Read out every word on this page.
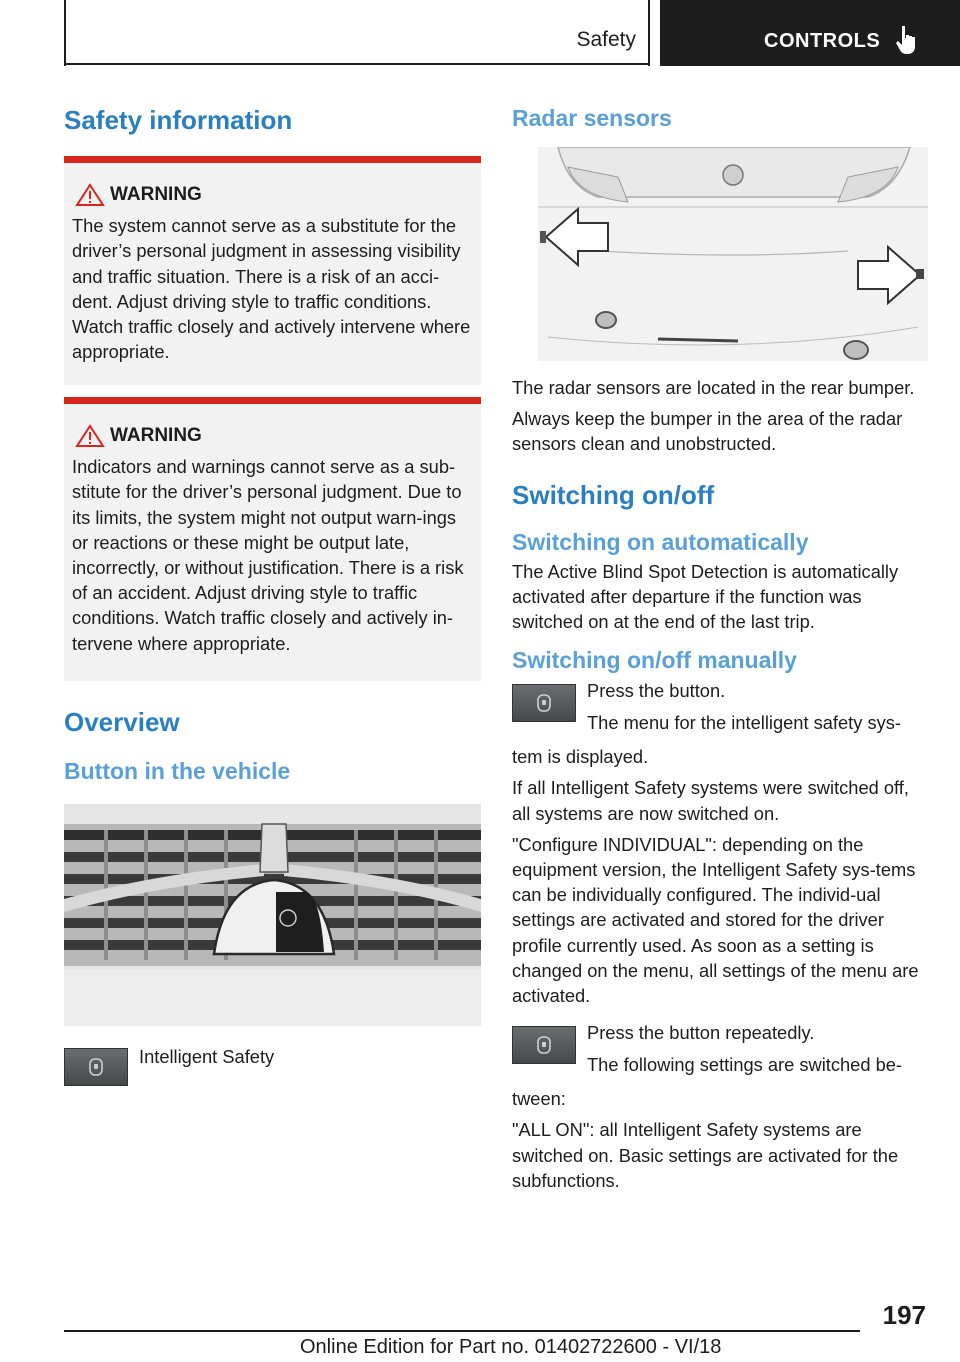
Safety	CONTROLS
Safety information
WARNING

The system cannot serve as a substitute for the driver’s personal judgment in assessing visibility and traffic situation. There is a risk of an acci‐dent. Adjust driving style to traffic conditions. Watch traffic closely and actively intervene where appropriate.

WARNING

Indicators and warnings cannot serve as a sub‐stitute for the driver’s personal judgment. Due to its limits, the system might not output warn‐ings or reactions or these might be output late, incorrectly, or without justification. There is a risk of an accident. Adjust driving style to traffic conditions. Watch traffic closely and actively in‐tervene where appropriate.

Overview
Button in the vehicle

Intelligent Safety

Radar sensors

The radar sensors are located in the rear bumper.

Always keep the bumper in the area of the radar sensors clean and unobstructed.

Switching on/off
Switching on automatically

The Active Blind Spot Detection is automatically activated after departure if the function was switched on at the end of the last trip.

Switching on/off manually

Press the button.

The menu for the intelligent safety sys‐

tem is displayed.

If all Intelligent Safety systems were switched off, all systems are now switched on.

"Configure INDIVIDUAL": depending on the equipment version, the Intelligent Safety sys‐tems can be individually configured. The individ‐ual settings are activated and stored for the driver profile currently used. As soon as a setting is changed on the menu, all settings of the menu are activated.

Press the button repeatedly.

The following settings are switched be‐

tween:

"ALL ON": all Intelligent Safety systems are switched on. Basic settings are activated for the subfunctions.

197
Online Edition for Part no. 01402722600 - VI/18
